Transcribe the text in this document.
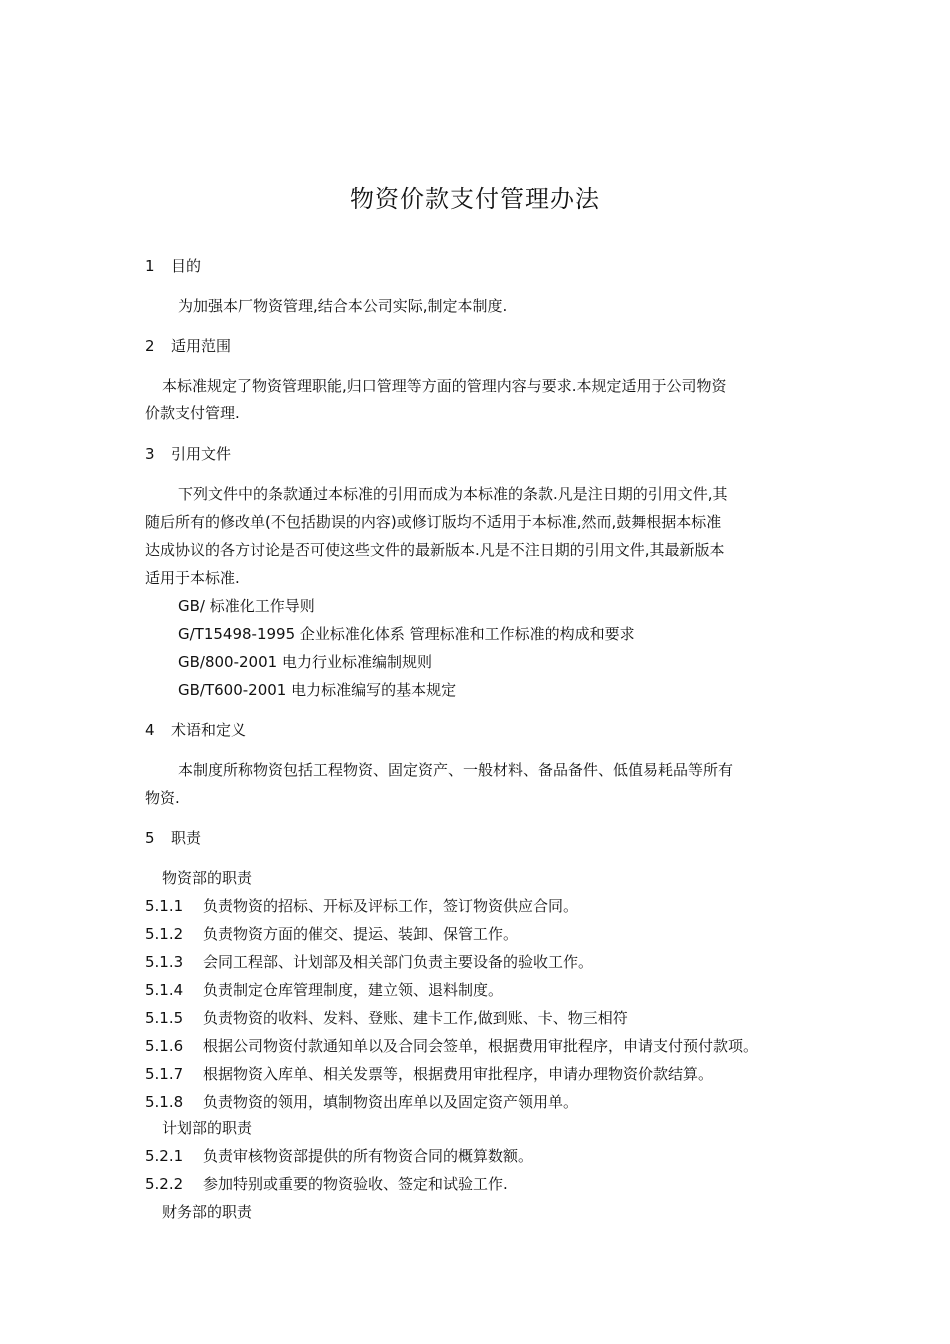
物资价款支付管理办法
1 目的
为加强本厂物资管理,结合本公司实际,制定本制度.
2 适用范围
本标准规定了物资管理职能,归口管理等方面的管理内容与要求.本规定适用于公司物资
价款支付管理.
3 引用文件
下列文件中的条款通过本标准的引用而成为本标准的条款.凡是注日期的引用文件,其
随后所有的修改单(不包括勘误的内容)或修订版均不适用于本标准,然而,鼓舞根据本标准
达成协议的各方讨论是否可使这些文件的最新版本.凡是不注日期的引用文件,其最新版本
适用于本标准.
GB/ 标准化工作导则
G/T15498-1995 企业标准化体系 管理标准和工作标准的构成和要求
GB/800-2001 电力行业标准编制规则
GB/T600-2001 电力标准编写的基本规定
4 术语和定义
本制度所称物资包括工程物资、固定资产、一般材料、备品备件、低值易耗品等所有
物资.
5 职责
物资部的职责
5.1.1 负责物资的招标、开标及评标工作，签订物资供应合同。
5.1.2 负责物资方面的催交、提运、装卸、保管工作。
5.1.3 会同工程部、计划部及相关部门负责主要设备的验收工作。
5.1.4 负责制定仓库管理制度，建立领、退料制度。
5.1.5 负责物资的收料、发料、登账、建卡工作,做到账、卡、物三相符
5.1.6 根据公司物资付款通知单以及合同会签单，根据费用审批程序，申请支付预付款项。
5.1.7 根据物资入库单、相关发票等，根据费用审批程序，申请办理物资价款结算。
5.1.8 负责物资的领用，填制物资出库单以及固定资产领用单。
计划部的职责
5.2.1 负责审核物资部提供的所有物资合同的概算数额。
5.2.2 参加特别或重要的物资验收、签定和试验工作.
财务部的职责
